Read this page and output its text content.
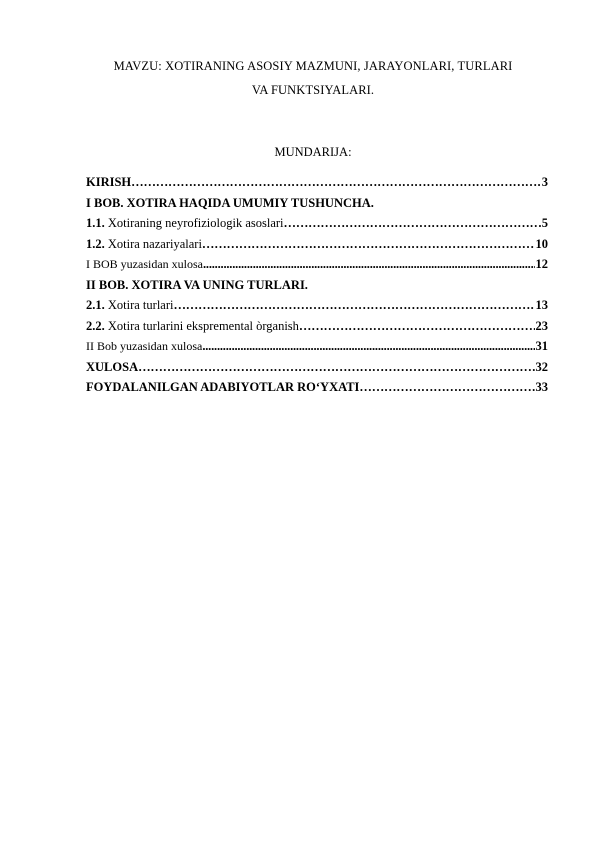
MAVZU: XOTIRANING ASOSIY MAZMUNI, JARAYONLARI, TURLARI
VA FUNKTSIYALARI.
MUNDARIJA:
KIRISH …………………………………………………………………………………………………………………………………………………………………………	3
I BOB. XOTIRA HAQIDA UMUMIY TUSHUNCHA.
1.1. Xotiraning neyrofiziologik asoslari …………………………………………………………………………………………………………………………………………………………………………	5
1.2. Xotira nazariyalari …………………………………………………………………………………………………………………………………………………………………………	10
I BOB yuzasidan xulosa .....	12
II BOB. XOTIRA VA UNING TURLARI.
2.1. Xotira turlari …………………………………………………………………………………………………………………………………………………………………………	13
2.2. Xotira turlarini ekspremental òrganish …………………………………………………………………………………………………………………………………………………………………………	23
II Bob yuzasidan xulosa .....	31
XULOSA …………………………………………………………………………………………………………………………………………………………………………	32
FOYDALANILGAN ADABIYOTLAR RO‘YXATI …………………………………………………………………………………………………………………………………………………………………………	33
